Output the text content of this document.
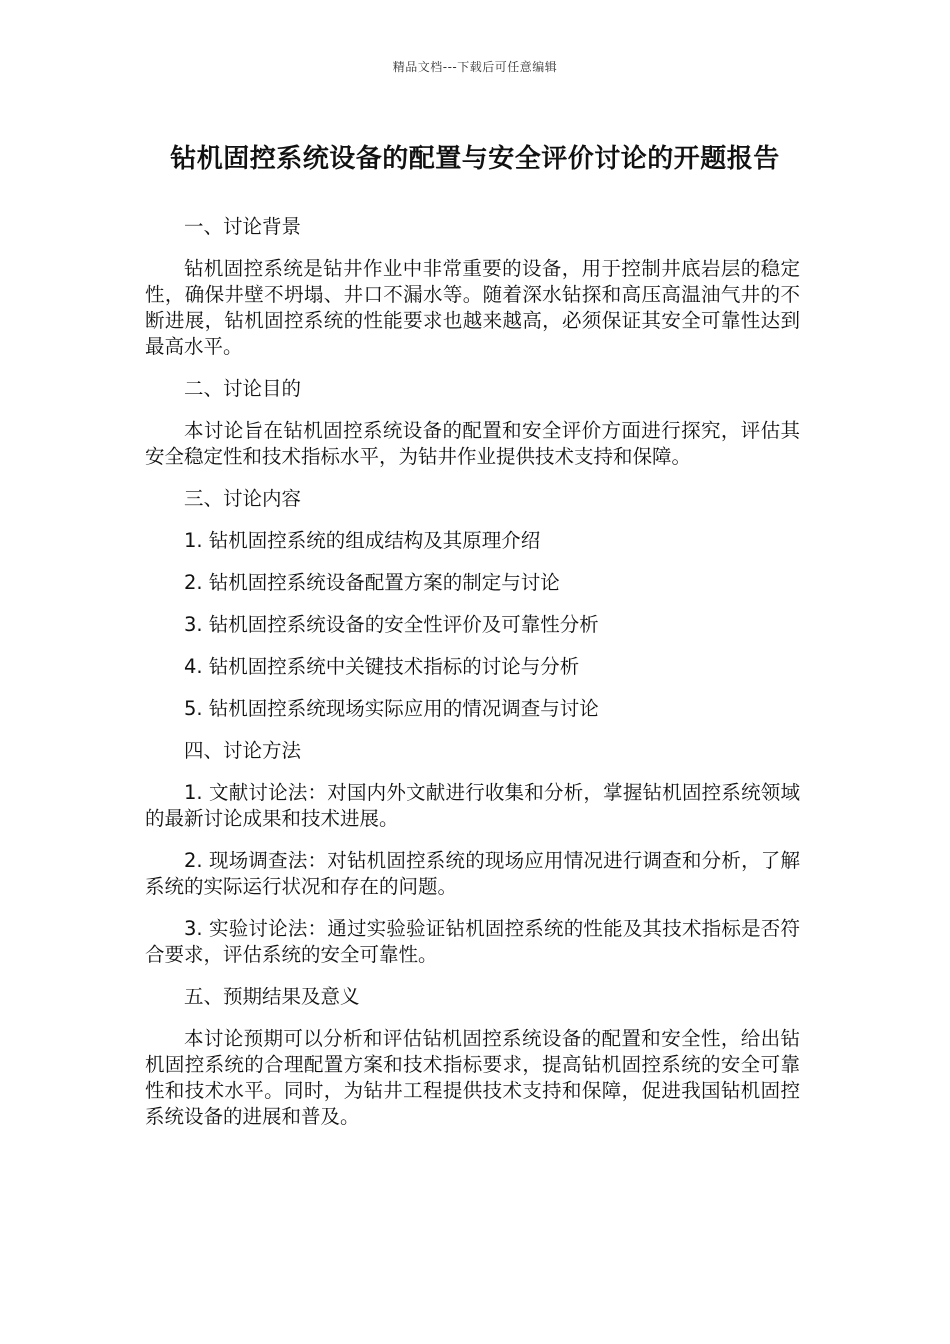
精品文档---下载后可任意编辑
钻机固控系统设备的配置与安全评价讨论的开题报告

一、讨论背景

钻机固控系统是钻井作业中非常重要的设备，用于控制井底岩层的稳定性，确保井壁不坍塌、井口不漏水等。随着深水钻探和高压高温油气井的不断进展，钻机固控系统的性能要求也越来越高，必须保证其安全可靠性达到最高水平。

二、讨论目的

本讨论旨在钻机固控系统设备的配置和安全评价方面进行探究，评估其安全稳定性和技术指标水平，为钻井作业提供技术支持和保障。

三、讨论内容

1. 钻机固控系统的组成结构及其原理介绍

2. 钻机固控系统设备配置方案的制定与讨论

3. 钻机固控系统设备的安全性评价及可靠性分析

4. 钻机固控系统中关键技术指标的讨论与分析

5. 钻机固控系统现场实际应用的情况调查与讨论

四、讨论方法

1. 文献讨论法：对国内外文献进行收集和分析，掌握钻机固控系统领域的最新讨论成果和技术进展。

2. 现场调查法：对钻机固控系统的现场应用情况进行调查和分析，了解系统的实际运行状况和存在的问题。

3. 实验讨论法：通过实验验证钻机固控系统的性能及其技术指标是否符合要求，评估系统的安全可靠性。

五、预期结果及意义

本讨论预期可以分析和评估钻机固控系统设备的配置和安全性，给出钻机固控系统的合理配置方案和技术指标要求，提高钻机固控系统的安全可靠性和技术水平。同时，为钻井工程提供技术支持和保障，促进我国钻机固控系统设备的进展和普及。
